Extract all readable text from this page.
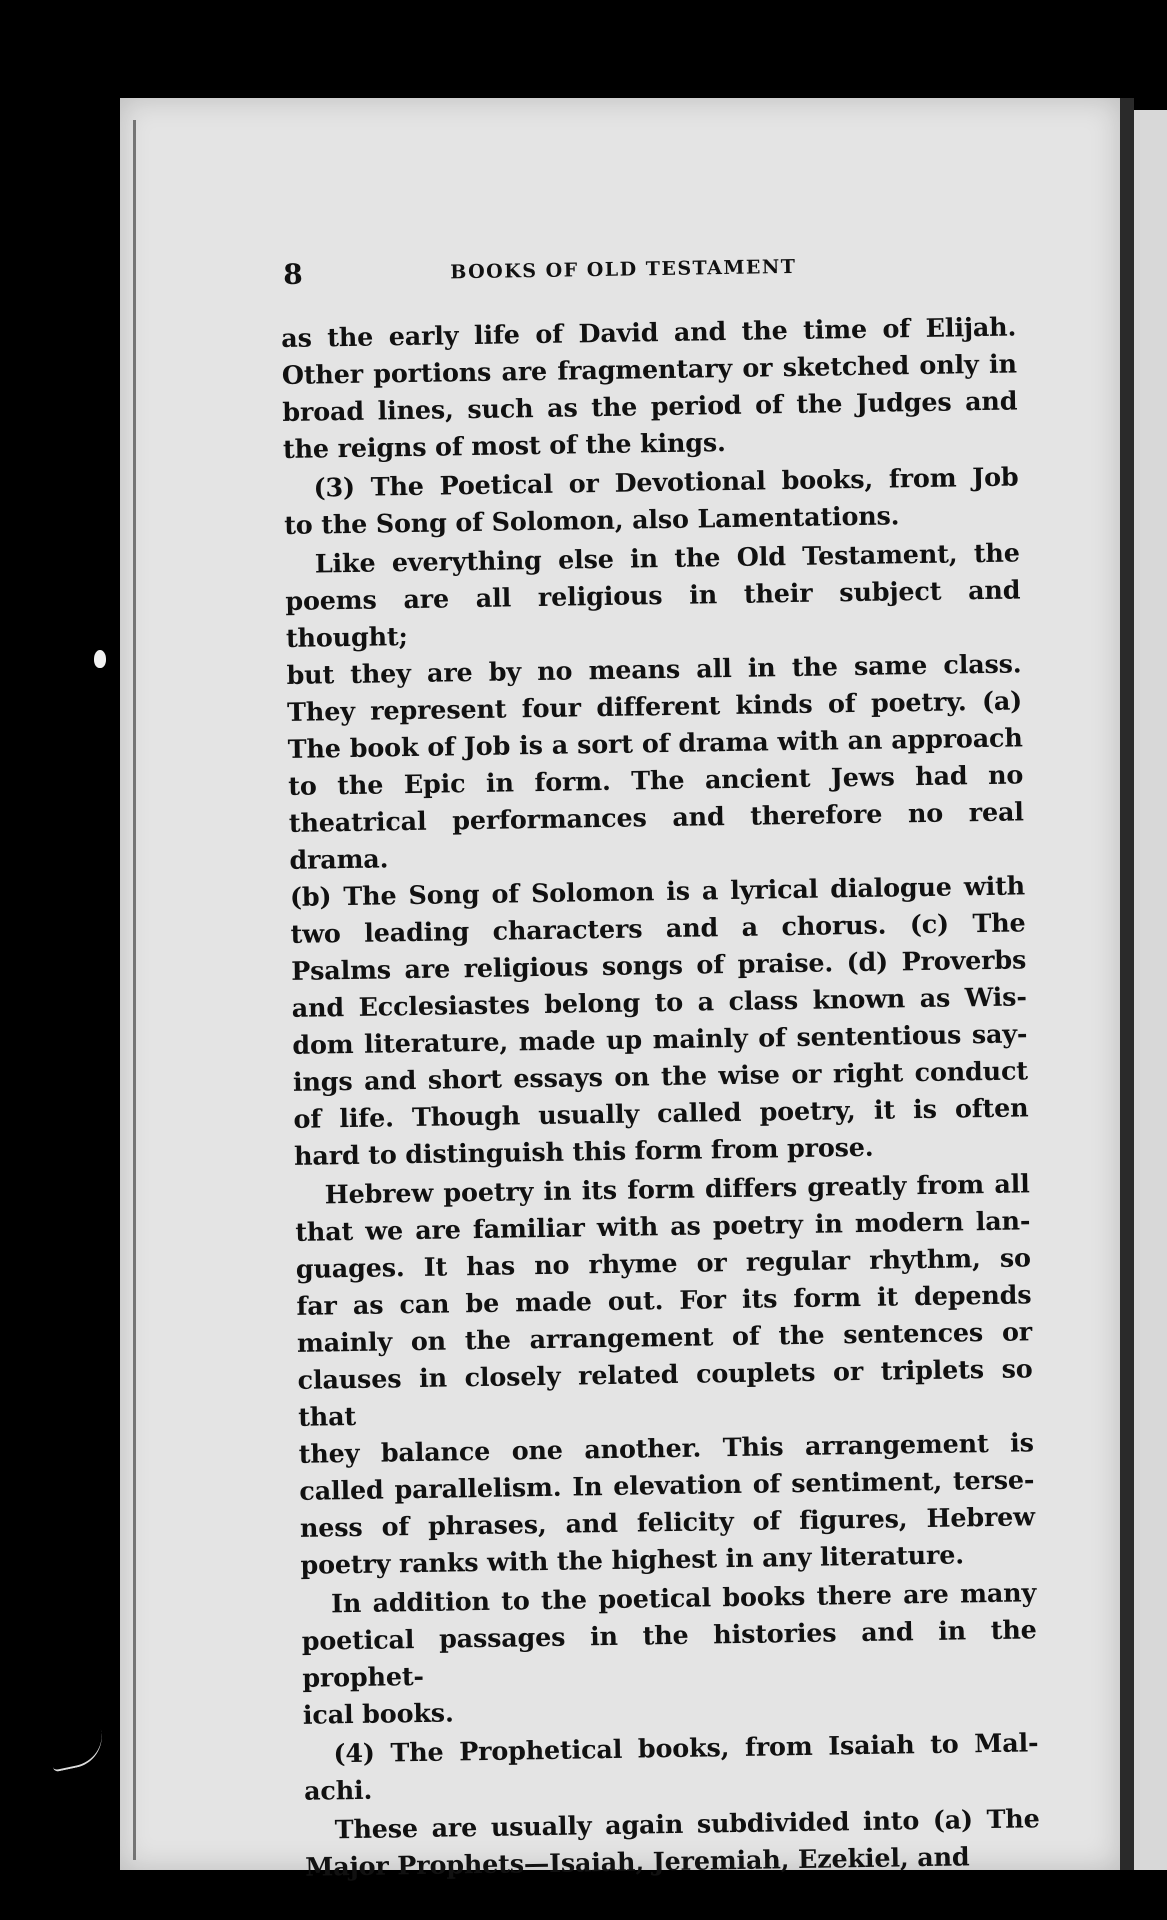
8	BOOKS OF OLD TESTAMENT
as the early life of David and the time of Elijah.
Other portions are fragmentary or sketched only in
broad lines, such as the period of the Judges and
the reigns of most of the kings.
(3) The Poetical or Devotional books, from Job
to the Song of Solomon, also Lamentations.
Like everything else in the Old Testament, the
poems are all religious in their subject and thought;
but they are by no means all in the same class.
They represent four different kinds of poetry. (a)
The book of Job is a sort of drama with an approach
to the Epic in form. The ancient Jews had no
theatrical performances and therefore no real drama.
(b) The Song of Solomon is a lyrical dialogue with
two leading characters and a chorus. (c) The
Psalms are religious songs of praise. (d) Proverbs
and Ecclesiastes belong to a class known as Wis-
dom literature, made up mainly of sententious say-
ings and short essays on the wise or right conduct
of life. Though usually called poetry, it is often
hard to distinguish this form from prose.
Hebrew poetry in its form differs greatly from all
that we are familiar with as poetry in modern lan-
guages. It has no rhyme or regular rhythm, so
far as can be made out. For its form it depends
mainly on the arrangement of the sentences or
clauses in closely related couplets or triplets so that
they balance one another. This arrangement is
called parallelism. In elevation of sentiment, terse-
ness of phrases, and felicity of figures, Hebrew
poetry ranks with the highest in any literature.
In addition to the poetical books there are many
poetical passages in the histories and in the prophet-
ical books.
(4) The Prophetical books, from Isaiah to Mal-
achi.
These are usually again subdivided into (a) The
Major Prophets—Isaiah, Jeremiah, Ezekiel, and
